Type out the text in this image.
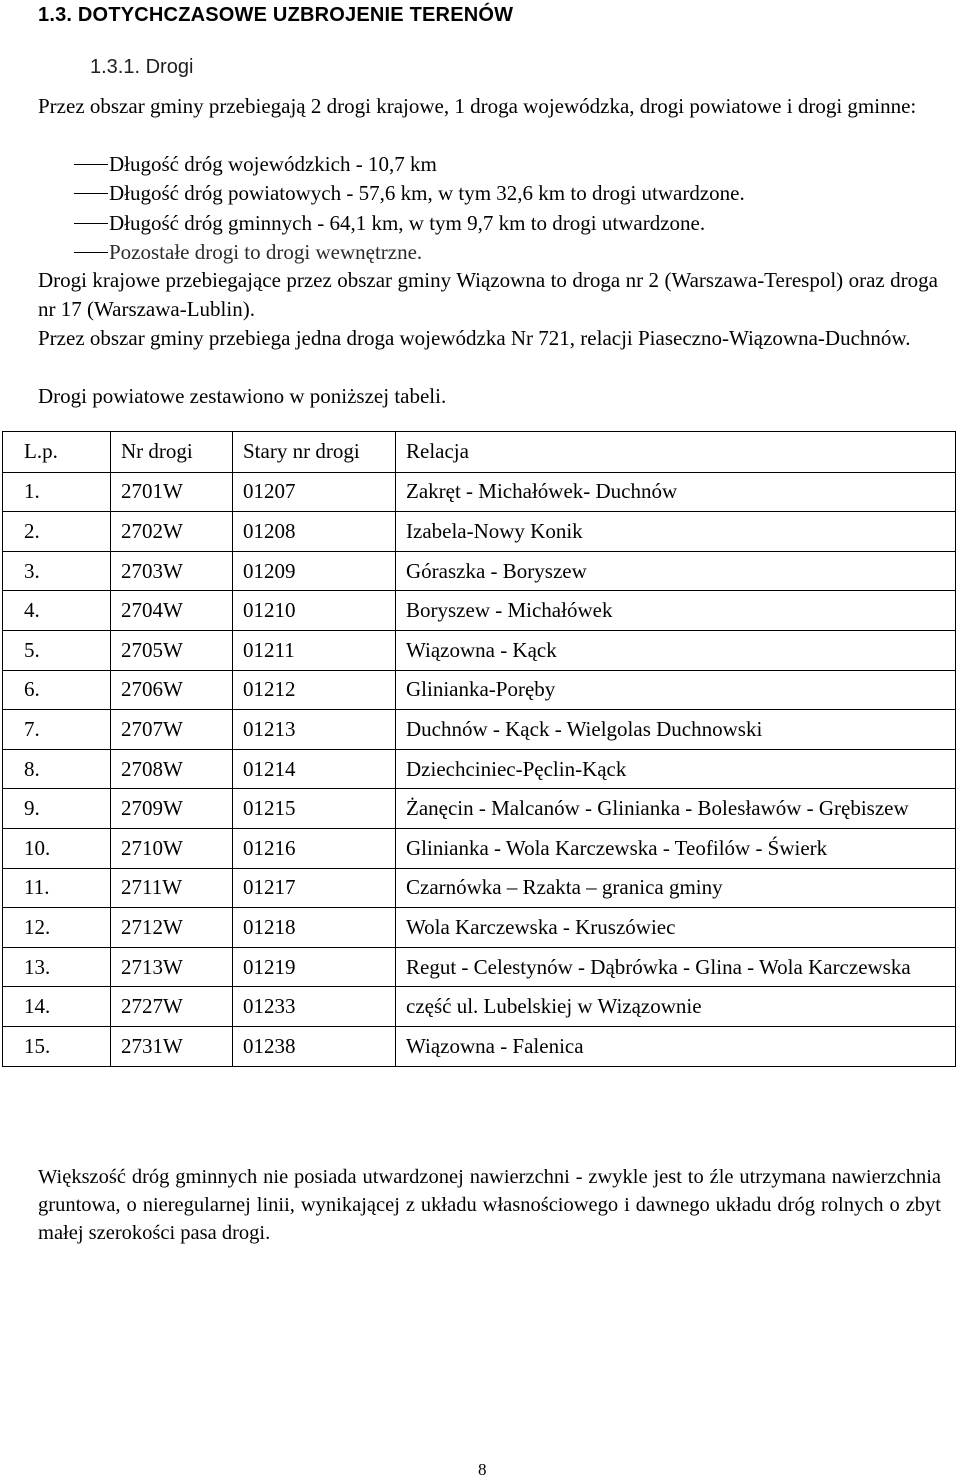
1.3. DOTYCHCZASOWE UZBROJENIE TERENÓW
1.3.1. Drogi
Przez obszar gminy przebiegają 2 drogi krajowe, 1 droga wojewódzka, drogi powiatowe i drogi gminne:
Długość dróg wojewódzkich - 10,7 km
Długość dróg powiatowych - 57,6 km, w tym 32,6 km to drogi utwardzone.
Długość dróg gminnych - 64,1 km, w tym 9,7 km to drogi utwardzone.
Pozostałe drogi to drogi wewnętrzne.
Drogi krajowe przebiegające przez obszar gminy Wiązowna to droga nr 2 (Warszawa-Terespol) oraz droga nr 17 (Warszawa-Lublin).
Przez obszar gminy przebiega jedna droga wojewódzka Nr 721, relacji Piaseczno-Wiązowna-Duchnów.
Drogi powiatowe zestawiono w poniższej tabeli.
L.p.	Nr drogi	Stary nr drogi	Relacja
1.	2701W	01207	Zakręt - Michałówek- Duchnów
2.	2702W	01208	Izabela-Nowy Konik
3.	2703W	01209	Góraszka - Boryszew
4.	2704W	01210	Boryszew - Michałówek
5.	2705W	01211	Wiązowna - Kąck
6.	2706W	01212	Glinianka-Poręby
7.	2707W	01213	Duchnów - Kąck - Wielgolas Duchnowski
8.	2708W	01214	Dziechciniec-Pęclin-Kąck
9.	2709W	01215	Żanęcin - Malcanów - Glinianka - Bolesławów - Gręb​iszew
10.	2710W	01216	Glinianka - Wola Karczewska - Teofilów - Świerk
11.	2711W	01217	Czarnówka – Rzakta – granica gminy
12.	2712W	01218	Wola Karczewska - Kruszówiec
13.	2713W	01219	Regut - Celestynów - Dąbrówka - Glina - Wola Karczewska
14.	2727W	01233	część ul. Lubelskiej w Wizązownie
15.	2731W	01238	Wiązowna - Falenica
Większość dróg gminnych nie posiada utwardzonej nawierzchni - zwykle jest to źle utrzymana nawierzchnia gruntowa, o nieregularnej linii, wynikającej z układu własnościowego i dawnego układu dróg rolnych o zbyt małej szerokości pasa drogi.
8
